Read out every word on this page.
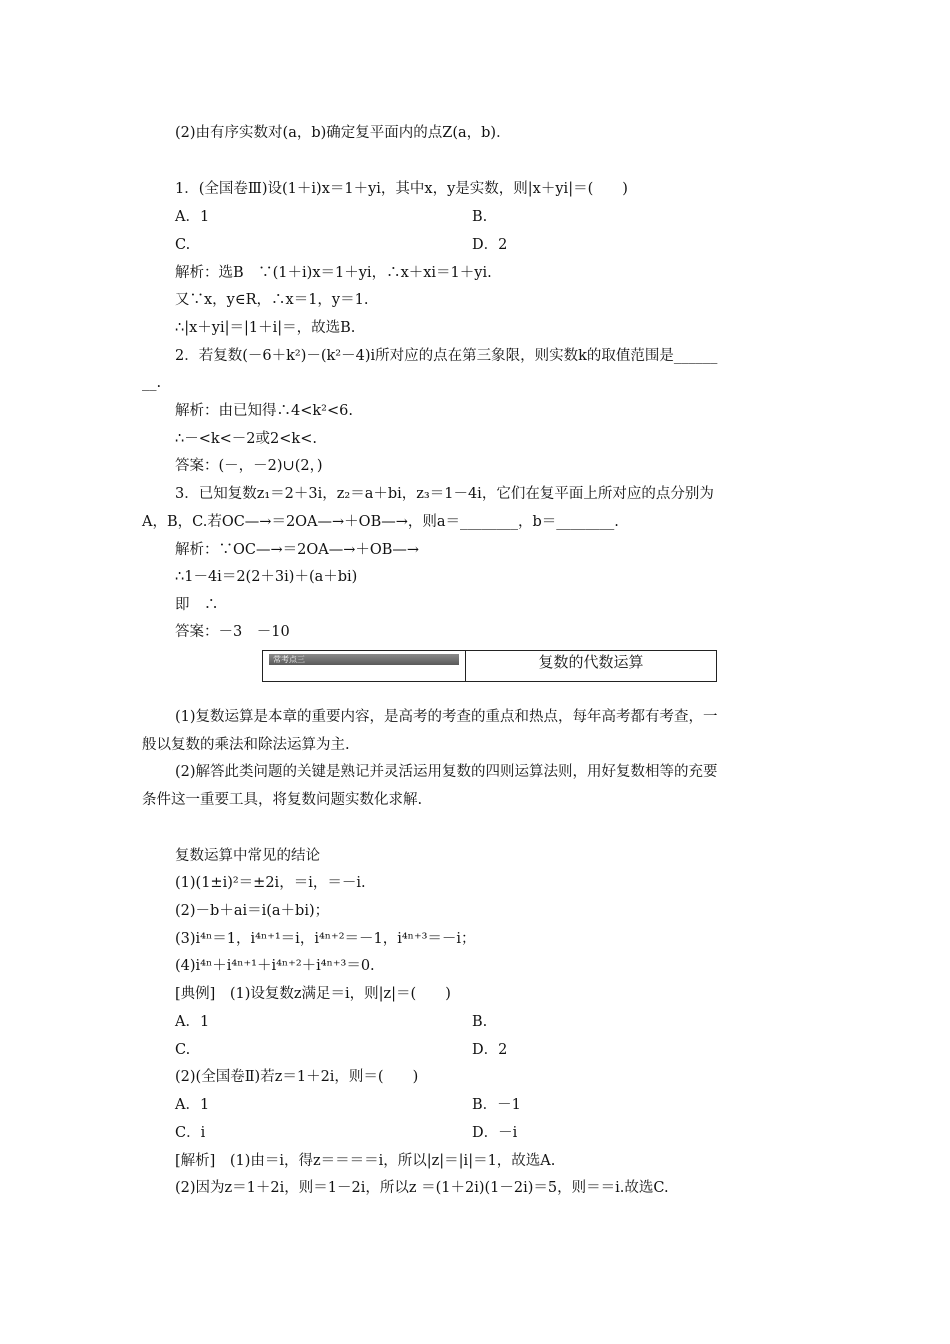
(2)由有序实数对(a，b)确定复平面内的点Z(a，b)．
1．(全国卷Ⅲ)设(1＋i)x＝1＋yi，其中x，y是实数，则|x＋yi|＝(　　)
A．1	B.
C.	D．2
解析：选B　∵(1＋i)x＝1＋yi，∴x＋xi＝1＋yi.
又∵x，y∈R，∴x＝1，y＝1.
∴|x＋yi|＝|1＋i|＝，故选B.
2．若复数(－6＋k²)－(k²－4)i所对应的点在第三象限，则实数k的取值范围是______
__.
解析：由已知得∴4<k²<6.
∴－<k<－2或2<k<.
答案：(－，－2)∪(2，)
3．已知复数z₁＝2＋3i，z₂＝a＋bi，z₃＝1－4i，它们在复平面上所对应的点分别为
A，B，C.若OC—→＝2OA—→＋OB—→，则a＝________，b＝________.
解析：∵OC—→＝2OA—→＋OB—→
∴1－4i＝2(2＋3i)＋(a＋bi)
即　∴
答案：－3　－10
常考点三	复数的代数运算
(1)复数运算是本章的重要内容，是高考的考查的重点和热点，每年高考都有考查，一
般以复数的乘法和除法运算为主.
(2)解答此类问题的关键是熟记并灵活运用复数的四则运算法则，用好复数相等的充要
条件这一重要工具，将复数问题实数化求解.
复数运算中常见的结论
(1)(1±i)²＝±2i，＝i，＝－i.
(2)－b＋ai＝i(a＋bi)；
(3)i⁴ⁿ＝1，i⁴ⁿ⁺¹＝i，i⁴ⁿ⁺²＝－1，i⁴ⁿ⁺³＝－i；
(4)i⁴ⁿ＋i⁴ⁿ⁺¹＋i⁴ⁿ⁺²＋i⁴ⁿ⁺³＝0.
[典例]　(1)设复数z满足＝i，则|z|＝(　　)
A．1	B.
C.	D．2
(2)(全国卷Ⅱ)若z＝1＋2i，则＝(　　)
A．1	B．－1
C．i	D．－i
[解析]　(1)由＝i，得z＝＝＝＝i，所以|z|＝|i|＝1，故选A.
(2)因为z＝1＋2i，则＝1－2i，所以z ＝(1＋2i)(1－2i)＝5，则＝＝i.故选C.
